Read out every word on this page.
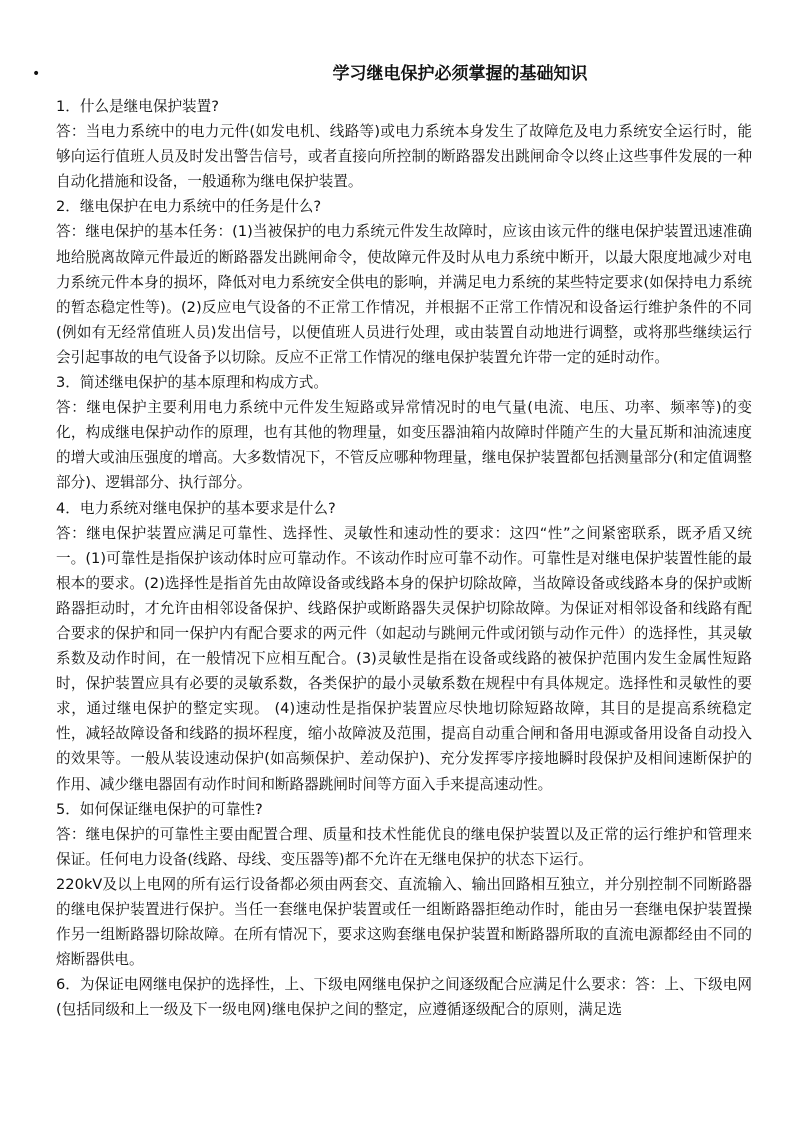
•	学习继电保护必须掌握的基础知识

1．什么是继电保护装置?

答：当电力系统中的电力元件(如发电机、线路等)或电力系统本身发生了故障危及电力系统安全运行时，能够向运行值班人员及时发出警告信号，或者直接向所控制的断路器发出跳闸命令以终止这些事件发展的一种自动化措施和设备，一般通称为继电保护装置。

2．继电保护在电力系统中的任务是什么?

答：继电保护的基本任务：(1)当被保护的电力系统元件发生故障时，应该由该元件的继电保护装置迅速准确地给脱离故障元件最近的断路器发出跳闸命令，使故障元件及时从电力系统中断开，以最大限度地减少对电力系统元件本身的损坏，降低对电力系统安全供电的影响，并满足电力系统的某些特定要求(如保持电力系统的暂态稳定性等)。(2)反应电气设备的不正常工作情况，并根据不正常工作情况和设备运行维护条件的不同(例如有无经常值班人员)发出信号，以便值班人员进行处理，或由装置自动地进行调整，或将那些继续运行会引起事故的电气设备予以切除。反应不正常工作情况的继电保护装置允许带一定的延时动作。

3．简述继电保护的基本原理和构成方式。

答：继电保护主要利用电力系统中元件发生短路或异常情况时的电气量(电流、电压、功率、频率等)的变化，构成继电保护动作的原理，也有其他的物理量，如变压器油箱内故障时伴随产生的大量瓦斯和油流速度的增大或油压强度的增高。大多数情况下，不管反应哪种物理量，继电保护装置都包括测量部分(和定值调整部分)、逻辑部分、执行部分。

4．电力系统对继电保护的基本要求是什么?

答：继电保护装置应满足可靠性、选择性、灵敏性和速动性的要求：这四“性”之间紧密联系，既矛盾又统一。(1)可靠性是指保护该动体时应可靠动作。不该动作时应可靠不动作。可靠性是对继电保护装置性能的最根本的要求。(2)选择性是指首先由故障设备或线路本身的保护切除故障，当故障设备或线路本身的保护或断路器拒动时，才允许由相邻设备保护、线路保护或断路器失灵保护切除故障。为保证对相邻设备和线路有配合要求的保护和同一保护内有配合要求的两元件（如起动与跳闸元件或闭锁与动作元件）的选择性，其灵敏系数及动作时间，在一般情况下应相互配合。(3)灵敏性是指在设备或线路的被保护范围内发生金属性短路时，保护装置应具有必要的灵敏系数，各类保护的最小灵敏系数在规程中有具体规定。选择性和灵敏性的要求，通过继电保护的整定实现。 (4)速动性是指保护装置应尽快地切除短路故障，其目的是提高系统稳定性，减轻故障设备和线路的损坏程度，缩小故障波及范围，提高自动重合闸和备用电源或备用设备自动投入的效果等。一般从装设速动保护(如高频保护、差动保护)、充分发挥零序接地瞬时段保护及相间速断保护的作用、减少继电器固有动作时间和断路器跳闸时间等方面入手来提高速动性。

5．如何保证继电保护的可靠性?

答：继电保护的可靠性主要由配置合理、质量和技术性能优良的继电保护装置以及正常的运行维护和管理来保证。任何电力设备(线路、母线、变压器等)都不允许在无继电保护的状态下运行。

220kV及以上电网的所有运行设备都必须由两套交、直流输入、输出回路相互独立，并分别控制不同断路器的继电保护装置进行保护。当任一套继电保护装置或任一组断路器拒绝动作时，能由另一套继电保护装置操作另一组断路器切除故障。在所有情况下，要求这购套继电保护装置和断路器所取的直流电源都经由不同的熔断器供电。

6．为保证电网继电保护的选择性，上、下级电网继电保护之间逐级配合应满足什么要求：答：上、下级电网(包括同级和上一级及下一级电网)继电保护之间的整定，应遵循逐级配合的原则，满足选
